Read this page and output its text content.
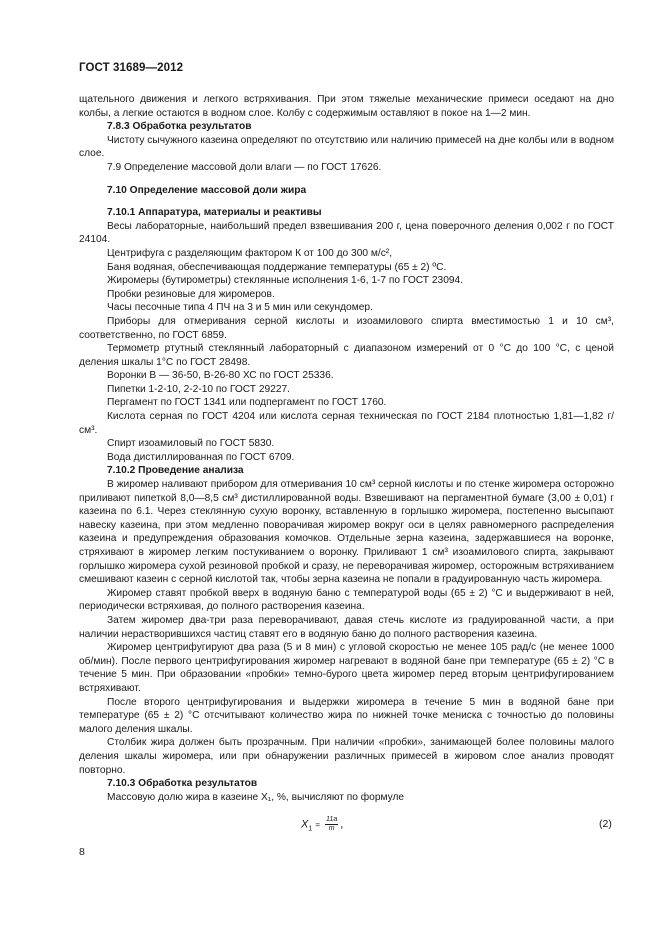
ГОСТ 31689—2012

щательного движения и легкого встряхивания. При этом тяжелые механические примеси оседают на дно колбы, а легкие остаются в водном слое. Колбу с содержимым оставляют в покое на 1—2 мин.

7.8.3 Обработка результатов

Чистоту сычужного казеина определяют по отсутствию или наличию примесей на дне колбы или в водном слое.

7.9 Определение массовой доли влаги — по ГОСТ 17626.

7.10 Определение массовой доли жира

7.10.1 Аппаратура, материалы и реактивы

Весы лабораторные, наибольший предел взвешивания 200 г, цена поверочного деления 0,002 г по ГОСТ 24104.

Центрифуга с разделяющим фактором К от 100 до 300 м/с²,

Баня водяная, обеспечивающая поддержание температуры (65 ± 2) ºС.

Жиромеры (бутирометры) стеклянные исполнения 1-6, 1-7 по ГОСТ 23094.

Пробки резиновые для жиромеров.

Часы песочные типа 4 ПЧ на 3 и 5 мин или секундомер.

Приборы для отмеривания серной кислоты и изоамилового спирта вместимостью 1 и 10 см³, соответственно, по ГОСТ 6859.

Термометр ртутный стеклянный лабораторный с диапазоном измерений от 0 °С до 100 °С, с ценой деления шкалы 1°С по ГОСТ 28498.

Воронки В — 36-50, В-26-80 ХС по ГОСТ 25336.

Пипетки 1-2-10, 2-2-10 по ГОСТ 29227.

Пергамент по ГОСТ 1341 или подпергамент по ГОСТ 1760.

Кислота серная по ГОСТ 4204 или кислота серная техническая по ГОСТ 2184 плотностью 1,81—1,82 г/см³.

Спирт изоамиловый по ГОСТ 5830.

Вода дистиллированная по ГОСТ 6709.

7.10.2 Проведение анализа

В жиромер наливают прибором для отмеривания 10 см³ серной кислоты и по стенке жиромера осторожно приливают пипеткой 8,0—8,5 см³ дистиллированной воды. Взвешивают на пергаментной бумаге (3,00 ± 0,01) г казеина по 6.1. Через стеклянную сухую воронку, вставленную в горлышко жиромера, постепенно высыпают навеску казеина, при этом медленно поворачивая жиромер вокруг оси в целях равномерного распределения казеина и предупреждения образования комочков. Отдельные зерна казеина, задержавшиеся на воронке, стряхивают в жиромер легким постукиванием о воронку. Приливают 1 см³ изоамилового спирта, закрывают горлышко жиромера сухой резиновой пробкой и сразу, не переворачивая жиромер, осторожным встряхиванием смешивают казеин с серной кислотой так, чтобы зерна казеина не попали в градуированную часть жиромера.

Жиромер ставят пробкой вверх в водяную баню с температурой воды (65 ± 2) °С и выдерживают в ней, периодически встряхивая, до полного растворения казеина.

Затем жиромер два-три раза переворачивают, давая стечь кислоте из градуированной части, а при наличии нерастворившихся частиц ставят его в водяную баню до полного растворения казеина.

Жиромер центрифугируют два раза (5 и 8 мин) с угловой скоростью не менее 105 рад/с (не менее 1000 об/мин). После первого центрифугирования жиромер нагревают в водяной бане при температуре (65 ± 2) °С в течение 5 мин. При образовании «пробки» темно-бурого цвета жиромер перед вторым центрифугированием встряхивают.

После второго центрифугирования и выдержки жиромера в течение 5 мин в водяной бане при температуре (65 ± 2) °С отсчитывают количество жира по нижней точке мениска с точностью до половины малого деления шкалы.

Столбик жира должен быть прозрачным. При наличии «пробки», занимающей более половины малого деления шкалы жиромера, или при обнаружении различных примесей в жировом слое анализ проводят повторно.

7.10.3 Обработка результатов

Массовую долю жира в казеине X₁, %, вычисляют по формуле

$X_1 = \frac{11a}{m}$ ,	(2)
8
